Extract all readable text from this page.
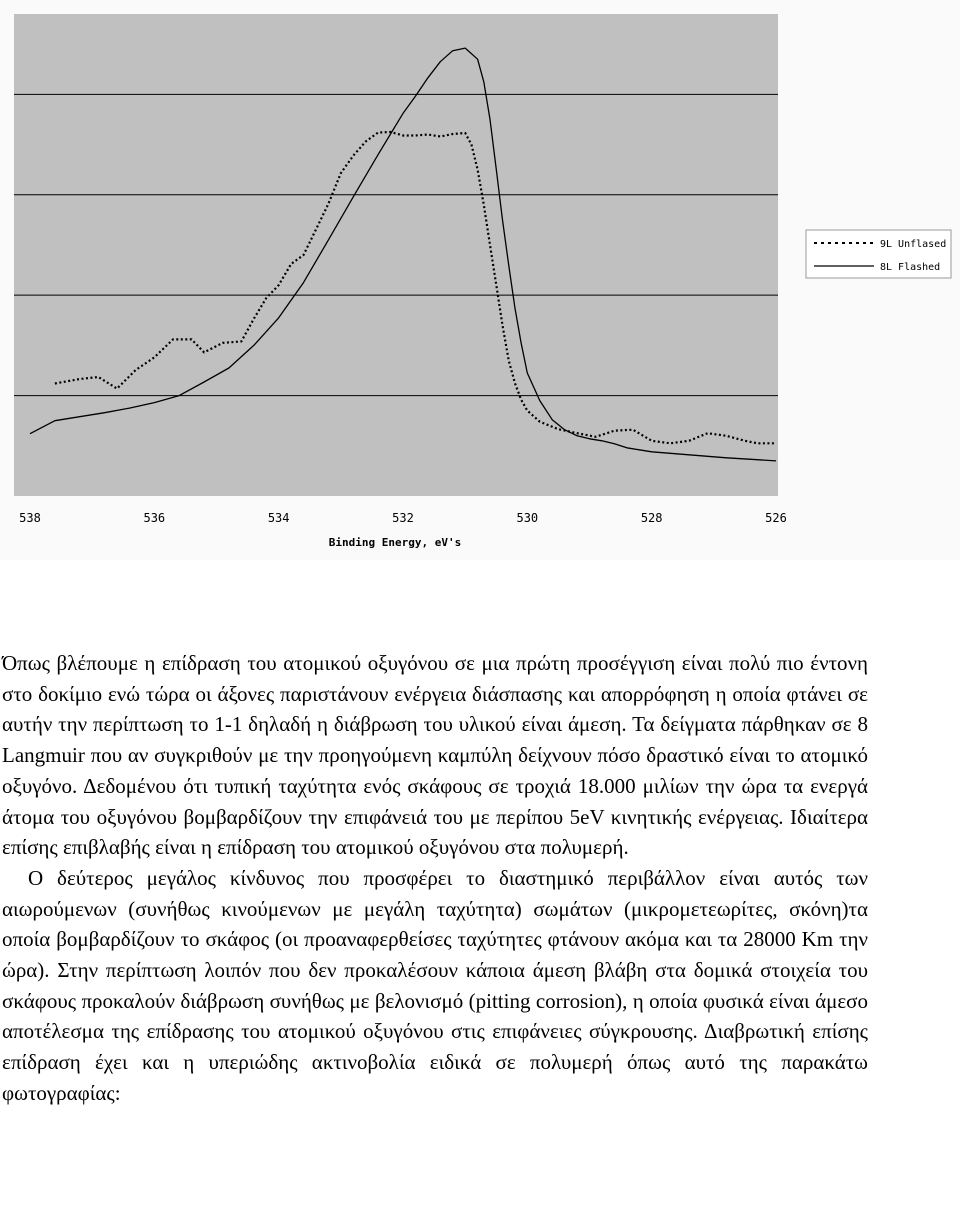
538	536	534	532	530	528	526
Binding Energy, eV's
9L Unflased
8L Flashed

Όπως βλέπουμε η επίδραση του ατομικού οξυγόνου σε μια πρώτη προσέγγιση είναι πολύ πιο έντονη στο δοκίμιο ενώ τώρα οι άξονες παριστάνουν ενέργεια διάσπασης και απορρόφηση η οποία φτάνει σε αυτήν την περίπτωση το 1-1 δηλαδή η διάβρωση του υλικού είναι άμεση. Τα δείγματα πάρθηκαν σε 8 Langmuir που αν συγκριθούν με την προηγούμενη καμπύλη δείχνουν πόσο δραστικό είναι το ατομικό οξυγόνο. Δεδομένου ότι τυπική ταχύτητα ενός σκάφους σε τροχιά 18.000 μιλίων την ώρα τα ενεργά άτομα του οξυγόνου βομβαρδίζουν την επιφάνειά του με περίπου 5eV κινητικής ενέργειας. Ιδιαίτερα επίσης επιβλαβής είναι η επίδραση του ατομικού οξυγόνου στα πολυμερή.

Ο δεύτερος μεγάλος κίνδυνος που προσφέρει το διαστημικό περιβάλλον είναι αυτός των αιωρούμενων (συνήθως κινούμενων με μεγάλη ταχύτητα) σωμάτων (μικρομετεωρίτες, σκόνη)τα οποία βομβαρδίζουν το σκάφος (οι προαναφερθείσες ταχύτητες φτάνουν ακόμα και τα 28000 Km την ώρα). Στην περίπτωση λοιπόν που δεν προκαλέσουν κάποια άμεση βλάβη στα δομικά στοιχεία του σκάφους προκαλούν διάβρωση συνήθως με βελονισμό (pitting corrosion), η οποία φυσικά είναι άμεσο αποτέλεσμα της επίδρασης του ατομικού οξυγόνου στις επιφάνειες σύγκρουσης. Διαβρωτική επίσης επίδραση έχει και η υπεριώδης ακτινοβολία ειδικά σε πολυμερή όπως αυτό της παρακάτω φωτογραφίας:
